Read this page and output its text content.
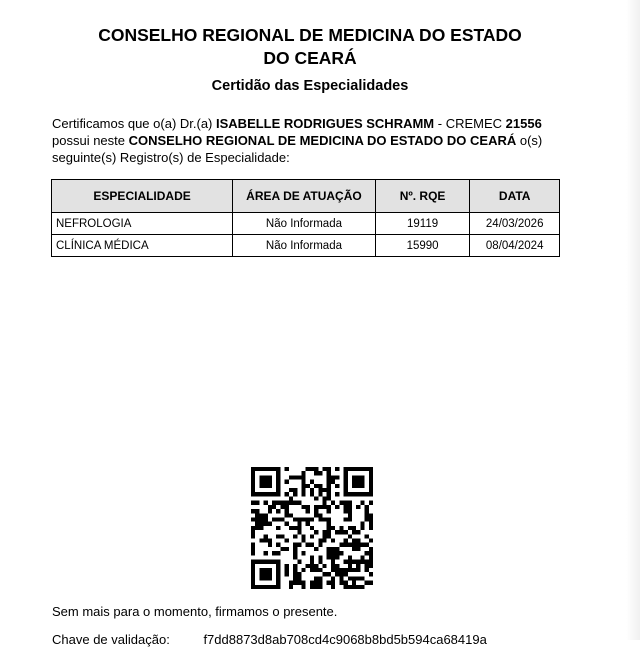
CONSELHO REGIONAL DE MEDICINA DO ESTADO
DO CEARÁ
Certidão das Especialidades
Certificamos que o(a) Dr.(a) ISABELLE RODRIGUES SCHRAMM - CREMEC 21556
possui neste CONSELHO REGIONAL DE MEDICINA DO ESTADO DO CEARÁ o(s)
seguinte(s) Registro(s) de Especialidade:
ESPECIALIDADE	ÁREA DE ATUAÇÃO	Nº. RQE	DATA
NEFROLOGIA	Não Informada	19119	24/03/2026
CLÍNICA MÉDICA	Não Informada	15990	08/04/2024
Sem mais para o momento, firmamos o presente.
Chave de validação:	f7dd8873d8ab708cd4c9068b8bd5b594ca68419a
